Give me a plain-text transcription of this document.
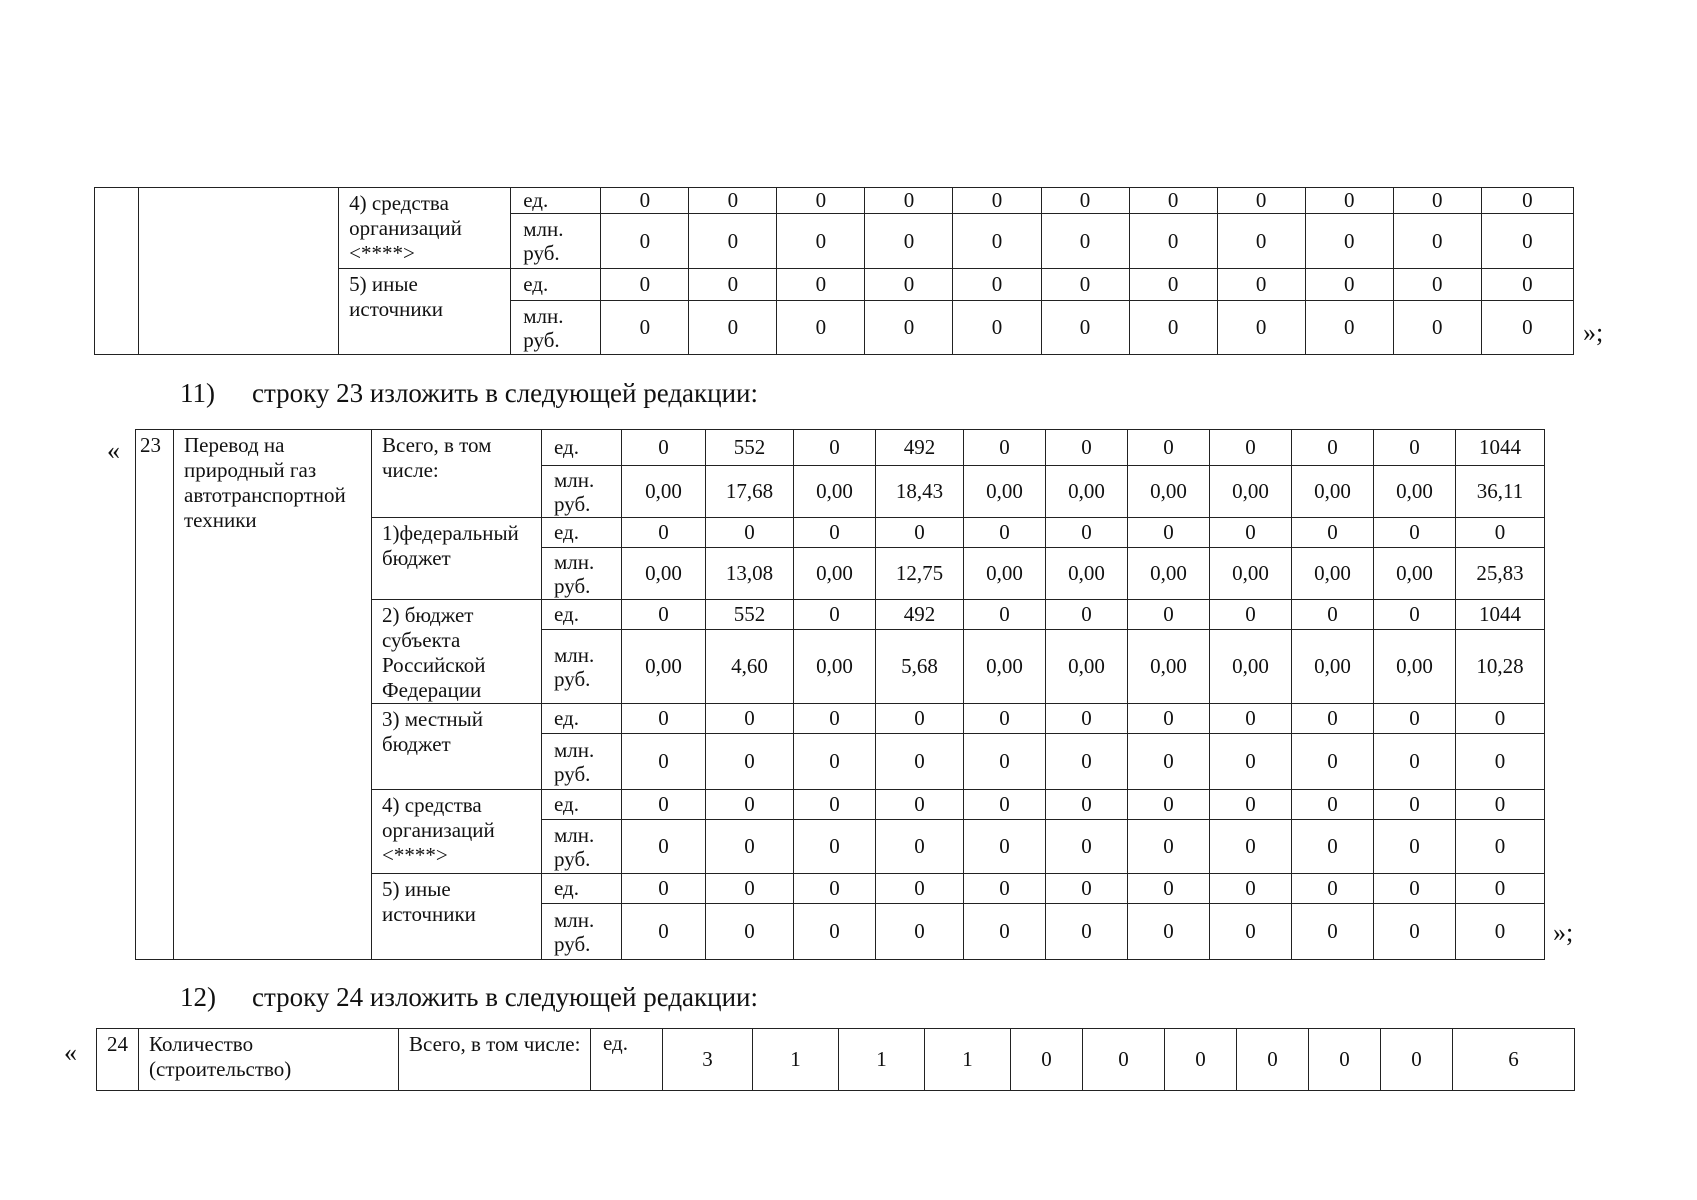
		4) средства организаций <****>	ед.	0	0	0	0	0	0	0	0	0	0	0
			млн. руб.	0	0	0	0	0	0	0	0	0	0	0
		5) иные источники	ед.	0	0	0	0	0	0	0	0	0	0	0
			млн. руб.	0	0	0	0	0	0	0	0	0	0	0 »;
11) строку 23 изложить в следующей редакции:
« 23	Перевод на природный газ автотранспортной техники	Всего, в том числе:	ед.	0	552	0	492	0	0	0	0	0	0	1044
			млн. руб.	0,00	17,68	0,00	18,43	0,00	0,00	0,00	0,00	0,00	0,00	36,11
		1)федеральный бюджет	ед.	0	0	0	0	0	0	0	0	0	0	0
			млн. руб.	0,00	13,08	0,00	12,75	0,00	0,00	0,00	0,00	0,00	0,00	25,83
		2) бюджет субъекта Российской Федерации	ед.	0	552	0	492	0	0	0	0	0	0	1044
			млн. руб.	0,00	4,60	0,00	5,68	0,00	0,00	0,00	0,00	0,00	0,00	10,28
		3) местный бюджет	ед.	0	0	0	0	0	0	0	0	0	0	0
			млн. руб.	0	0	0	0	0	0	0	0	0	0	0
		4) средства организаций <****>	ед.	0	0	0	0	0	0	0	0	0	0	0
			млн. руб.	0	0	0	0	0	0	0	0	0	0	0
		5) иные источники	ед.	0	0	0	0	0	0	0	0	0	0	0
			млн. руб.	0	0	0	0	0	0	0	0	0	0	0 »;
12) строку 24 изложить в следующей редакции:
« 24	Количество (строительство)	Всего, в том числе:	ед.	3	1	1	1	0	0	0	0	0	0	6
